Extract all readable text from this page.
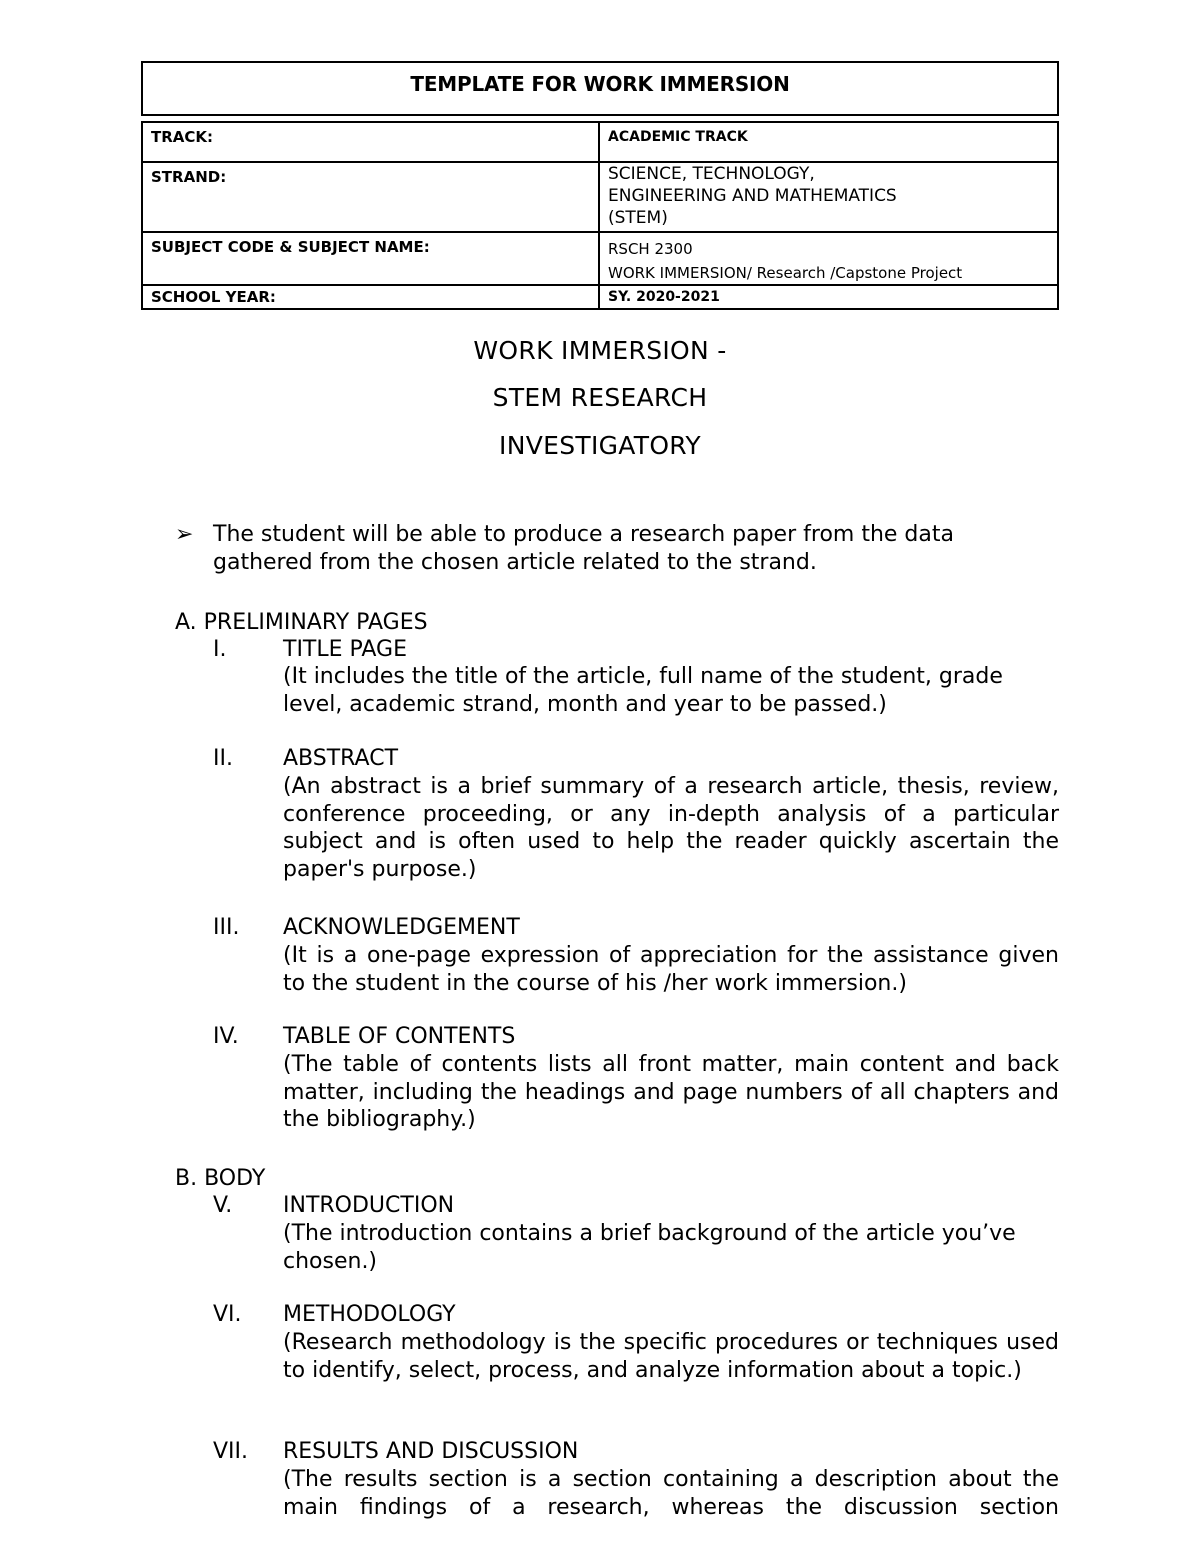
TEMPLATE FOR WORK IMMERSION
TRACK:	ACADEMIC TRACK
STRAND:	SCIENCE, TECHNOLOGY,
ENGINEERING AND MATHEMATICS
(STEM)

SUBJECT CODE & SUBJECT NAME:	RSCH 2300
WORK IMMERSION/ Research /Capstone Project

SCHOOL YEAR:	SY. 2020-2021
WORK IMMERSION -
STEM RESEARCH
INVESTIGATORY
➢ The student will be able to produce a research paper from the data gathered from the chosen article related to the strand.
A. PRELIMINARY PAGES
I.	TITLE PAGE
(It includes the title of the article, full name of the student, grade level, academic strand, month and year to be passed.)
II. ABSTRACT
(An abstract is a brief summary of a research article, thesis, review, conference proceeding, or any in-depth analysis of a particular subject and is often used to help the reader quickly ascertain the paper's purpose.)
III. ACKNOWLEDGEMENT
(It is a one-page expression of appreciation for the assistance given to the student in the course of his /her work immersion.)
IV. TABLE OF CONTENTS
(The table of contents lists all front matter, main content and back matter, including the headings and page numbers of all chapters and the bibliography.)
B. BODY
V. INTRODUCTION
(The introduction contains a brief background of the article you’ve chosen.)
VI. METHODOLOGY
(Research methodology is the specific procedures or techniques used to identify, select, process, and analyze information about a topic.)
VII. RESULTS AND DISCUSSION
(The results section is a section containing a description about the main findings of a research, whereas the discussion section
